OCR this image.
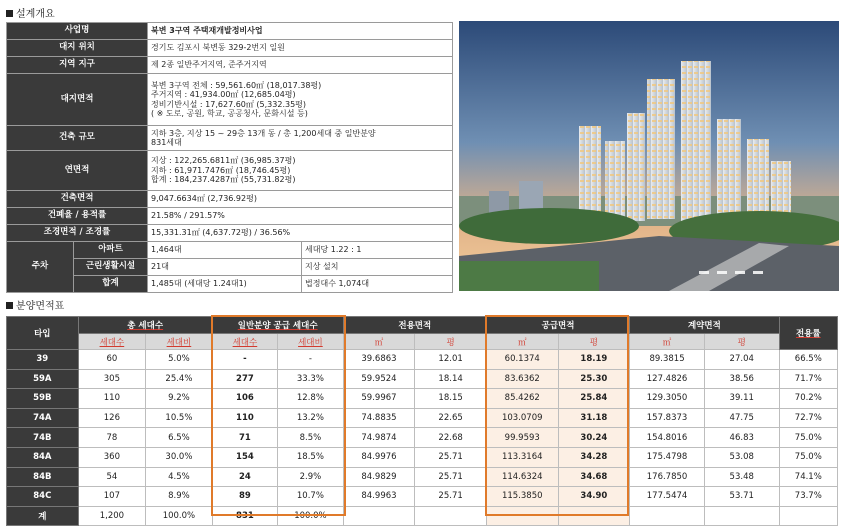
설계개요
사업명		북변 3구역 주택재개발정비사업	
대지 위치		경기도 김포시 북변동 329-2번지 일원	
지역 지구		제 2종 일반주거지역, 준주거지역	
대지면적		북변 3구역 전체 : 59,561.60㎡ (18,017.38평)
주거지역 : 41,934.00㎡ (12,685.04평)
정비기반시설 : 17,627.60㎡ (5,332.35평)
( ※ 도로, 공원, 학교, 공공청사, 문화시설 등)	

건축 규모		지하 3층, 지상 15 ~ 29층 13개 동 / 총 1,200세대 중 일반분양
831세대	

연면적		지상 : 122,265.6811㎡ (36,985.37평)
지하 : 61,971.7476㎡ (18,746.45평)
합계 : 184,237.4287㎡ (55,731.82평)	

건축면적		9,047.6634㎡ (2,736.92평)	
건폐율 / 용적률		21.58% / 291.57%	
조경면적 / 조경률		15,331.31㎡ (4,637.72평) / 36.56%	
주차	아파트	1,464대	세대당 1.22 : 1
	근린생활시설	21대	지상 설치
	합계	1,485대 (세대당 1.24대1)	법정대수 1,074대
분양면적표
타입	총 세대수		일반분양 공급 세대수		전용면적		공급면적		계약면적		전용률
	세대수	세대비	세대수	세대비	㎡	평	㎡	평	㎡	평	
39	60	5.0%	-	-	39.6863	12.01	60.1374	18.19	89.3815	27.04	66.5%
59A	305	25.4%	277	33.3%	59.9524	18.14	83.6362	25.30	127.4826	38.56	71.7%
59B	110	9.2%	106	12.8%	59.9967	18.15	85.4262	25.84	129.3050	39.11	70.2%
74A	126	10.5%	110	13.2%	74.8835	22.65	103.0709	31.18	157.8373	47.75	72.7%
74B	78	6.5%	71	8.5%	74.9874	22.68	99.9593	30.24	154.8016	46.83	75.0%
84A	360	30.0%	154	18.5%	84.9976	25.71	113.3164	34.28	175.4798	53.08	75.0%
84B	54	4.5%	24	2.9%	84.9829	25.71	114.6324	34.68	176.7850	53.48	74.1%
84C	107	8.9%	89	10.7%	84.9963	25.71	115.3850	34.90	177.5474	53.71	73.7%
계	1,200	100.0%	831	100.0%							
